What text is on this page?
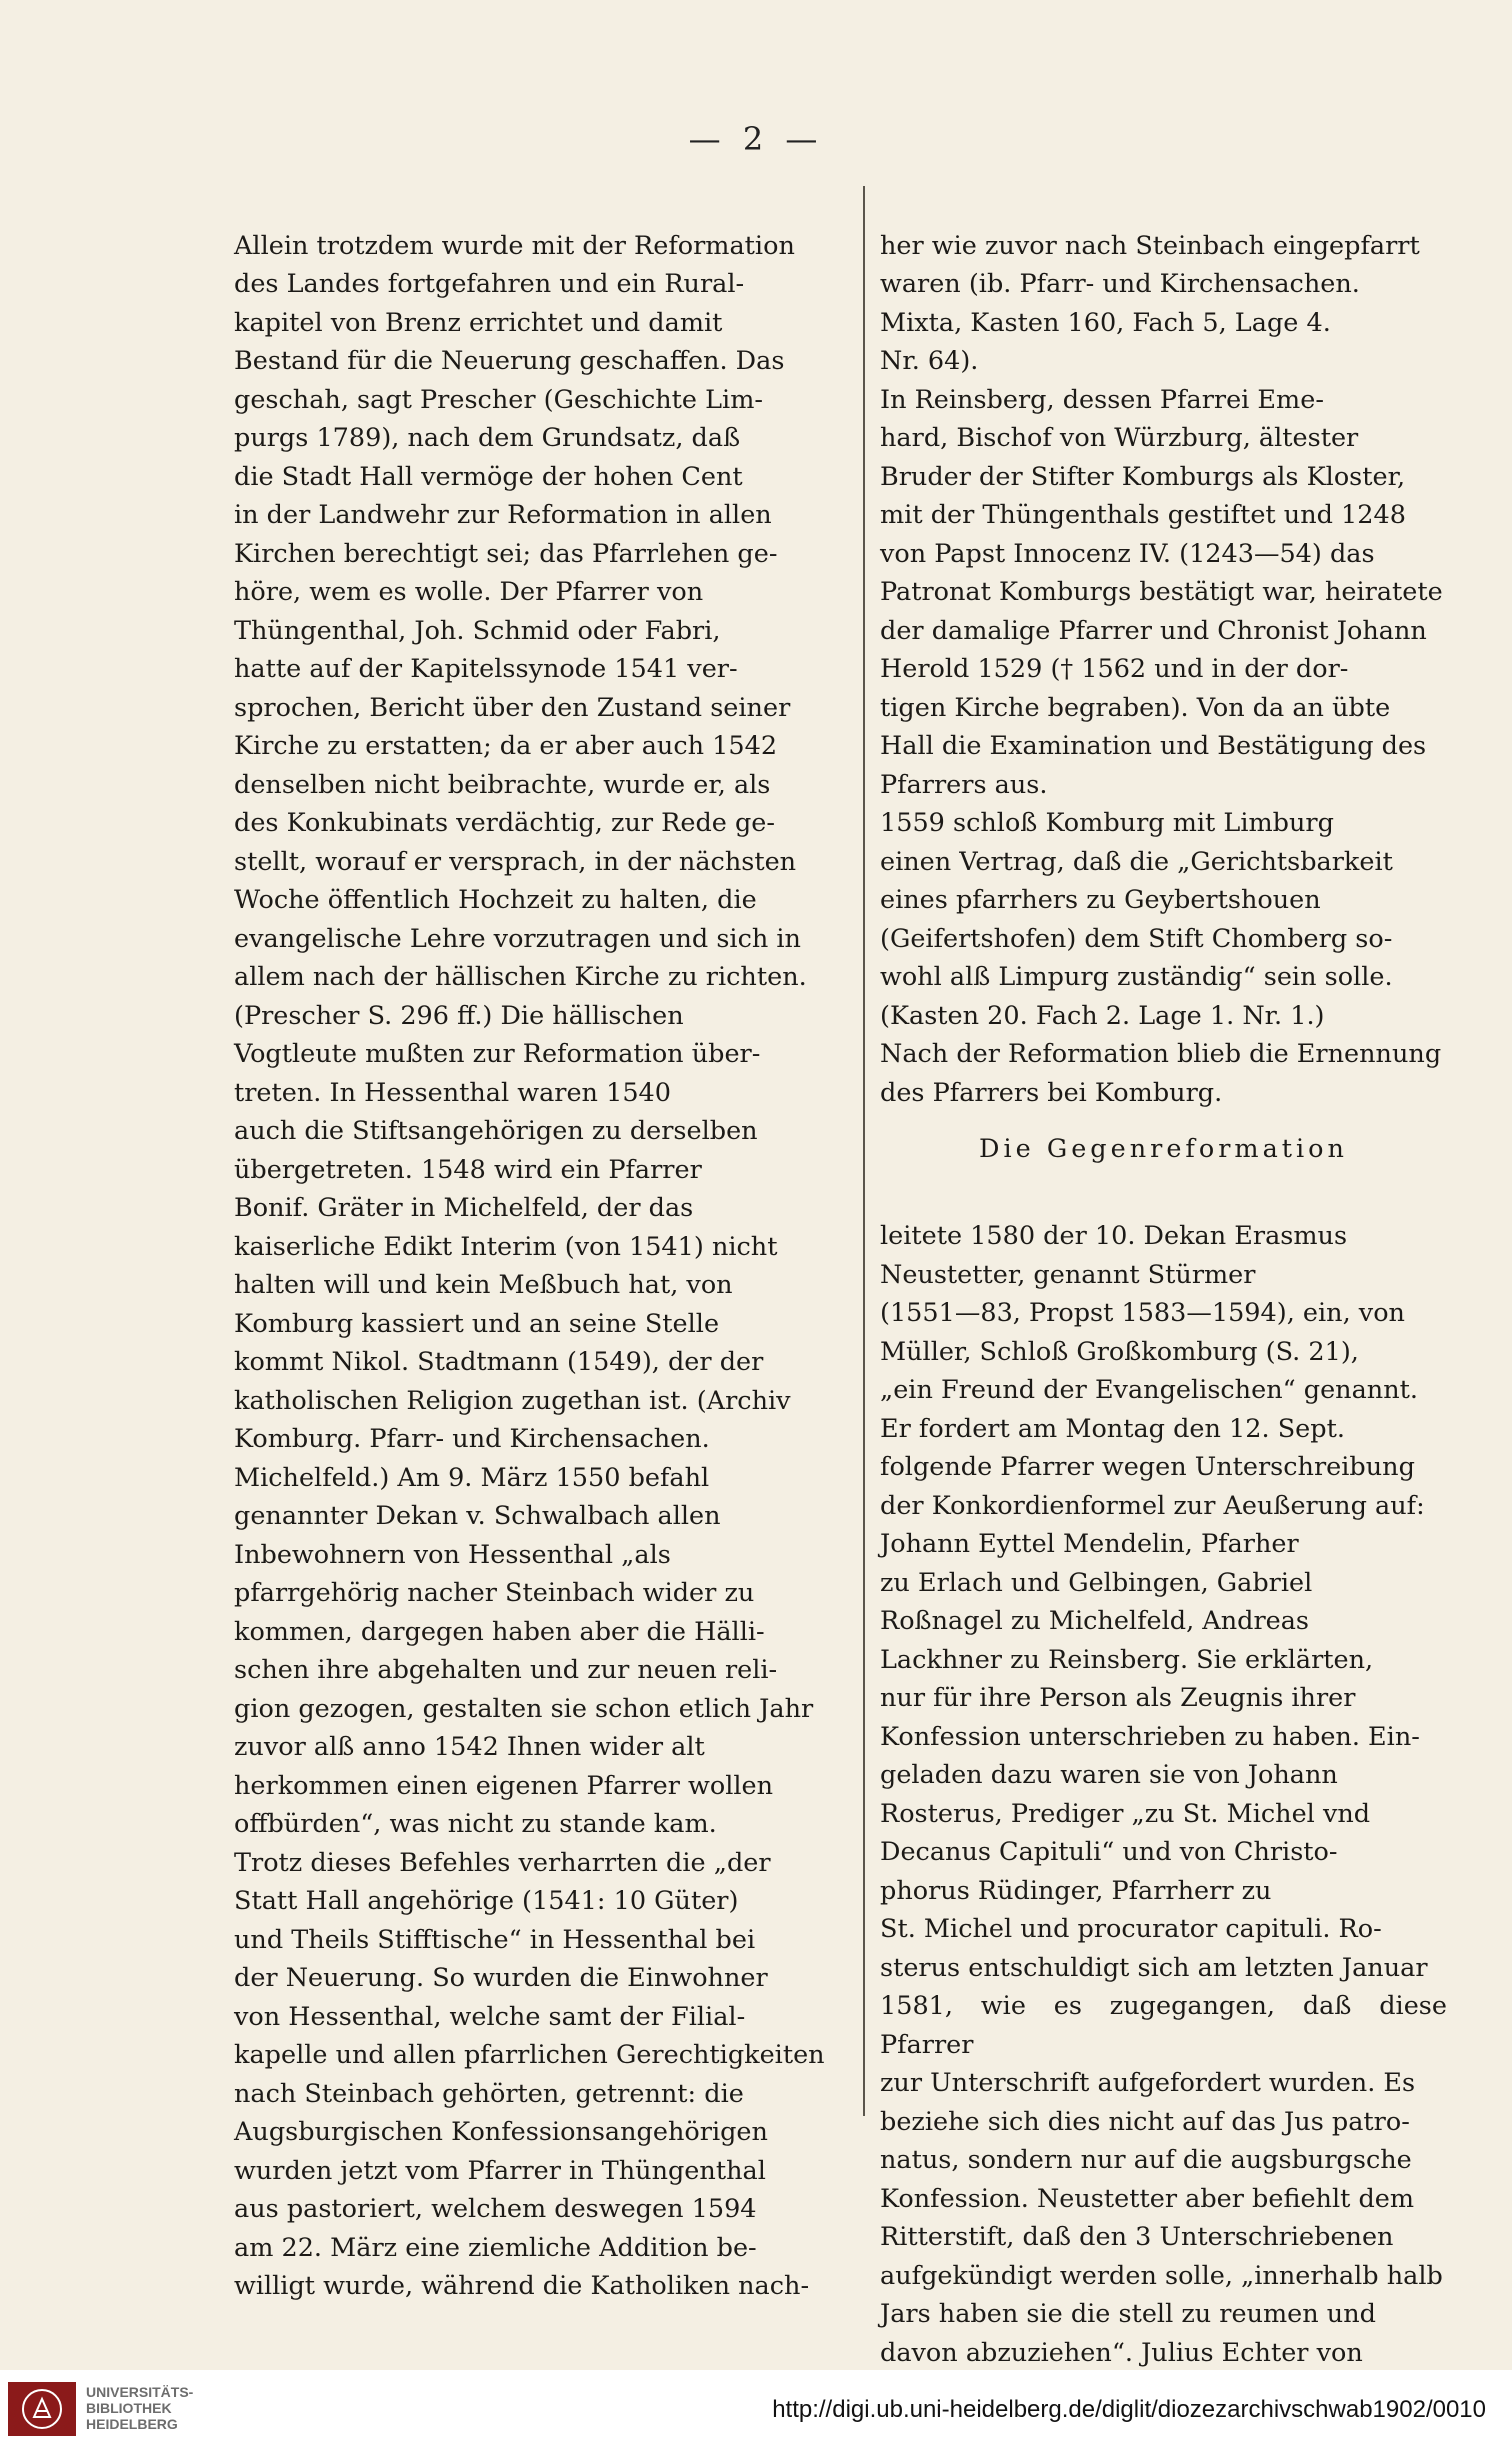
— 2 —

Allein trotzdem wurde mit der Reformation
des Landes fortgefahren und ein Rural-
kapitel von Brenz errichtet und damit
Bestand für die Neuerung geschaffen. Das
geschah, sagt Prescher (Geschichte Lim-
purgs 1789), nach dem Grundsatz, daß
die Stadt Hall vermöge der hohen Cent
in der Landwehr zur Reformation in allen
Kirchen berechtigt sei; das Pfarrlehen ge-
höre, wem es wolle. Der Pfarrer von
Thüngenthal, Joh. Schmid oder Fabri,
hatte auf der Kapitelssynode 1541 ver-
sprochen, Bericht über den Zustand seiner
Kirche zu erstatten; da er aber auch 1542
denselben nicht beibrachte, wurde er, als
des Konkubinats verdächtig, zur Rede ge-
stellt, worauf er versprach, in der nächsten
Woche öffentlich Hochzeit zu halten, die
evangelische Lehre vorzutragen und sich in
allem nach der hällischen Kirche zu richten.
(Prescher S. 296 ff.) Die hällischen
Vogtleute mußten zur Reformation über-
treten. In Hessenthal waren 1540
auch die Stiftsangehörigen zu derselben
übergetreten. 1548 wird ein Pfarrer
Bonif. Gräter in Michelfeld, der das
kaiserliche Edikt Interim (von 1541) nicht
halten will und kein Meßbuch hat, von
Komburg kassiert und an seine Stelle
kommt Nikol. Stadtmann (1549), der der
katholischen Religion zugethan ist. (Archiv
Komburg. Pfarr- und Kirchensachen.
Michelfeld.) Am 9. März 1550 befahl
genannter Dekan v. Schwalbach allen
Inbewohnern von Hessenthal „als
pfarrgehörig nacher Steinbach wider zu
kommen, dargegen haben aber die Hälli-
schen ihre abgehalten und zur neuen reli-
gion gezogen, gestalten sie schon etlich Jahr
zuvor alß anno 1542 Ihnen wider alt
herkommen einen eigenen Pfarrer wollen
offbürden“, was nicht zu stande kam.
Trotz dieses Befehles verharrten die „der
Statt Hall angehörige (1541: 10 Güter)
und Theils Stifftische“ in Hessenthal bei
der Neuerung. So wurden die Einwohner
von Hessenthal, welche samt der Filial-
kapelle und allen pfarrlichen Gerechtigkeiten
nach Steinbach gehörten, getrennt: die
Augsburgischen Konfessionsangehörigen
wurden jetzt vom Pfarrer in Thüngenthal
aus pastoriert, welchem deswegen 1594
am 22. März eine ziemliche Addition be-
willigt wurde, während die Katholiken nach-

her wie zuvor nach Steinbach eingepfarrt
waren (ib. Pfarr- und Kirchensachen.
Mixta, Kasten 160, Fach 5, Lage 4.
Nr. 64).
In Reinsberg, dessen Pfarrei Eme-
hard, Bischof von Würzburg, ältester
Bruder der Stifter Komburgs als Kloster,
mit der Thüngenthals gestiftet und 1248
von Papst Innocenz IV. (1243—54) das
Patronat Komburgs bestätigt war, heiratete
der damalige Pfarrer und Chronist Johann
Herold 1529 († 1562 und in der dor-
tigen Kirche begraben). Von da an übte
Hall die Examination und Bestätigung des
Pfarrers aus.
1559 schloß Komburg mit Limburg
einen Vertrag, daß die „Gerichtsbarkeit
eines pfarrhers zu Geybertshouen
(Geifertshofen) dem Stift Chomberg so-
wohl alß Limpurg zuständig“ sein solle.
(Kasten 20. Fach 2. Lage 1. Nr. 1.)
Nach der Reformation blieb die Ernennung
des Pfarrers bei Komburg.

Die Gegenreformation

leitete 1580 der 10. Dekan Erasmus
Neustetter, genannt Stürmer
(1551—83, Propst 1583—1594), ein, von
Müller, Schloß Großkomburg (S. 21),
„ein Freund der Evangelischen“ genannt.
Er fordert am Montag den 12. Sept.
folgende Pfarrer wegen Unterschreibung
der Konkordienformel zur Aeußerung auf:
Johann Eyttel Mendelin, Pfarher
zu Erlach und Gelbingen, Gabriel
Roßnagel zu Michelfeld, Andreas
Lackhner zu Reinsberg. Sie erklärten,
nur für ihre Person als Zeugnis ihrer
Konfession unterschrieben zu haben. Ein-
geladen dazu waren sie von Johann
Rosterus, Prediger „zu St. Michel vnd
Decanus Capituli“ und von Christo-
phorus Rüdinger, Pfarrherr zu
St. Michel und procurator capituli. Ro-
sterus entschuldigt sich am letzten Januar
1581, wie es zugegangen, daß diese Pfarrer
zur Unterschrift aufgefordert wurden. Es
beziehe sich dies nicht auf das Jus patro-
natus, sondern nur auf die augsburgsche
Konfession. Neustetter aber befiehlt dem
Ritterstift, daß den 3 Unterschriebenen
aufgekündigt werden solle, „innerhalb halb
Jars haben sie die stell zu reumen und
davon abzuziehen“. Julius Echter von

UNIVERSITÄTS-
BIBLIOTHEK
HEIDELBERG
http://digi.ub.uni-heidelberg.de/diglit/diozezarchivschwab1902/0010
